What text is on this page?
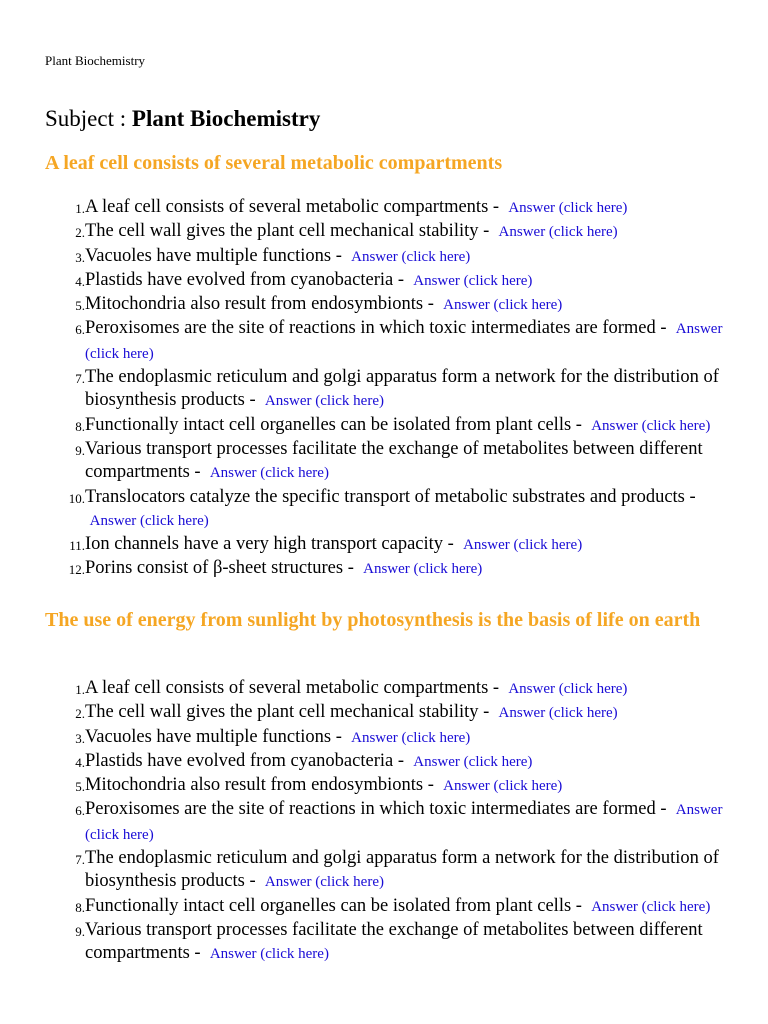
Plant Biochemistry
Subject : Plant Biochemistry
A leaf cell consists of several metabolic compartments
1. A leaf cell consists of several metabolic compartments -  Answer (click here)
2. The cell wall gives the plant cell mechanical stability -  Answer (click here)
3. Vacuoles have multiple functions -  Answer (click here)
4. Plastids have evolved from cyanobacteria -  Answer (click here)
5. Mitochondria also result from endosymbionts -  Answer (click here)
6. Peroxisomes are the site of reactions in which toxic intermediates are formed -  Answer (click here)
7. The endoplasmic reticulum and golgi apparatus form a network for the distribution of biosynthesis products -  Answer (click here)
8. Functionally intact cell organelles can be isolated from plant cells -  Answer (click here)
9. Various transport processes facilitate the exchange of metabolites between different compartments -  Answer (click here)
10. Translocators catalyze the specific transport of metabolic substrates and products -  Answer (click here)
11. Ion channels have a very high transport capacity -  Answer (click here)
12. Porins consist of β-sheet structures -  Answer (click here)
The use of energy from sunlight by photosynthesis is the basis of life on earth
1. A leaf cell consists of several metabolic compartments -  Answer (click here)
2. The cell wall gives the plant cell mechanical stability -  Answer (click here)
3. Vacuoles have multiple functions -  Answer (click here)
4. Plastids have evolved from cyanobacteria -  Answer (click here)
5. Mitochondria also result from endosymbionts -  Answer (click here)
6. Peroxisomes are the site of reactions in which toxic intermediates are formed -  Answer (click here)
7. The endoplasmic reticulum and golgi apparatus form a network for the distribution of biosynthesis products -  Answer (click here)
8. Functionally intact cell organelles can be isolated from plant cells -  Answer (click here)
9. Various transport processes facilitate the exchange of metabolites between different compartments -  Answer (click here)
